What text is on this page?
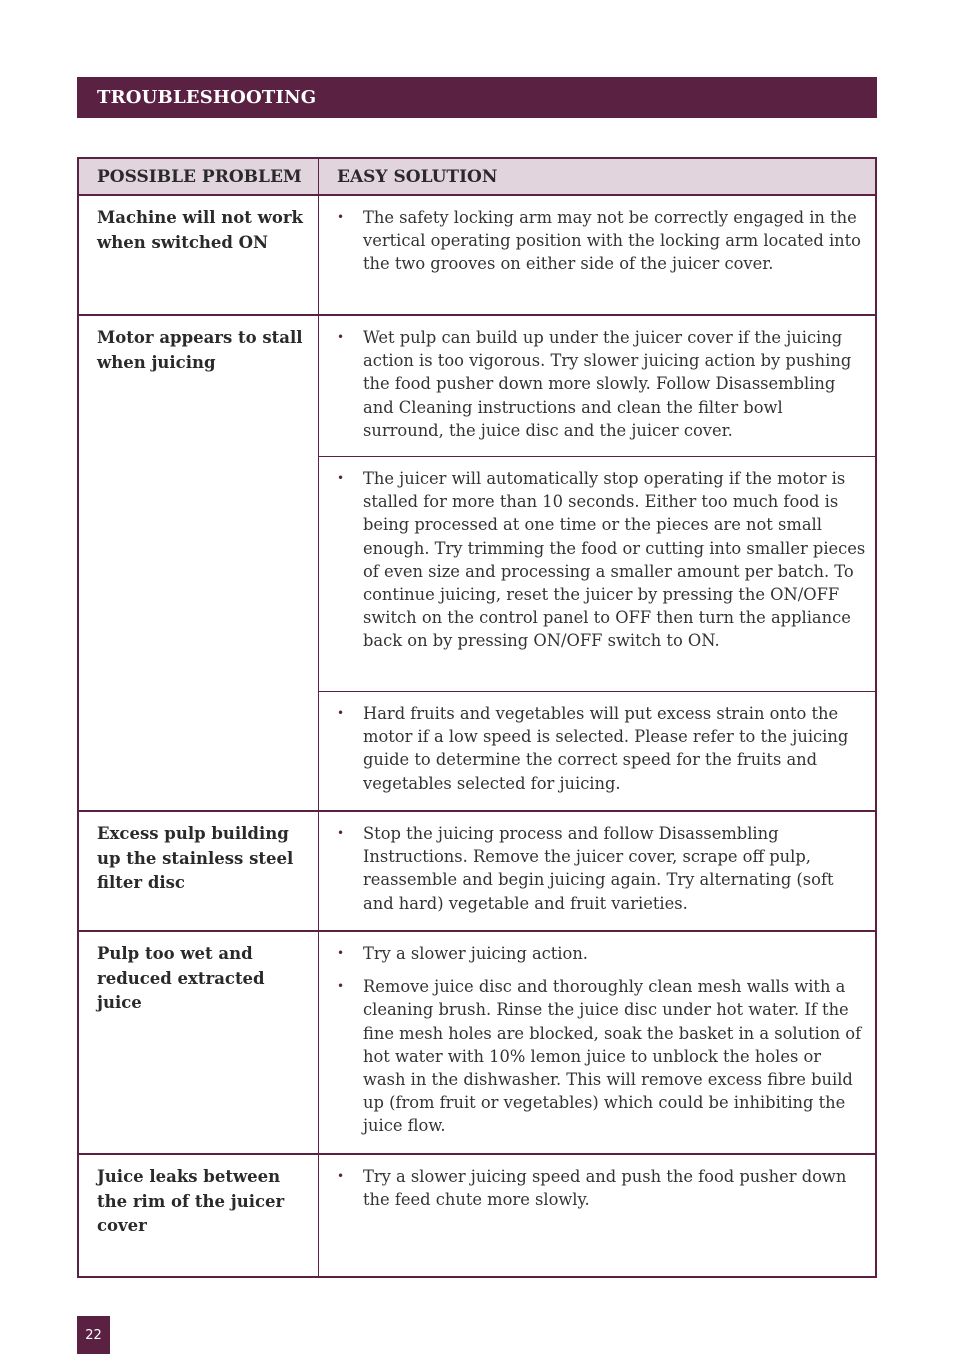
TROUBLESHOOTING
POSSIBLE PROBLEM	EASY SOLUTION
Machine will not work when switched ON
•	The safety locking arm may not be correctly engaged in the vertical operating position with the locking arm located into the two grooves on either side of the juicer cover.
Motor appears to stall when juicing
•	Wet pulp can build up under the juicer cover if the juicing action is too vigorous. Try slower juicing action by pushing the food pusher down more slowly. Follow Disassembling and Cleaning instructions and clean the filter bowl surround, the juice disc and the juicer cover.
•	The juicer will automatically stop operating if the motor is stalled for more than 10 seconds. Either too much food is being processed at one time or the pieces are not small enough. Try trimming the food or cutting into smaller pieces of even size and processing a smaller amount per batch. To continue juicing, reset the juicer by pressing the ON/OFF switch on the control panel to OFF then turn the appliance back on by pressing ON/OFF switch to ON.
•	Hard fruits and vegetables will put excess strain onto the motor if a low speed is selected. Please refer to the juicing guide to determine the correct speed for the fruits and vegetables selected for juicing.
Excess pulp building up the stainless steel filter disc
•	Stop the juicing process and follow Disassembling Instructions. Remove the juicer cover, scrape off pulp, reassemble and begin juicing again. Try alternating (soft and hard) vegetable and fruit varieties.
Pulp too wet and reduced extracted juice
•	Try a slower juicing action.
•	Remove juice disc and thoroughly clean mesh walls with a cleaning brush. Rinse the juice disc under hot water. If the fine mesh holes are blocked, soak the basket in a solution of hot water with 10% lemon juice to unblock the holes or wash in the dishwasher. This will remove excess fibre build up (from fruit or vegetables) which could be inhibiting the juice flow.
Juice leaks between the rim of the juicer cover
•	Try a slower juicing speed and push the food pusher down the feed chute more slowly.
22
